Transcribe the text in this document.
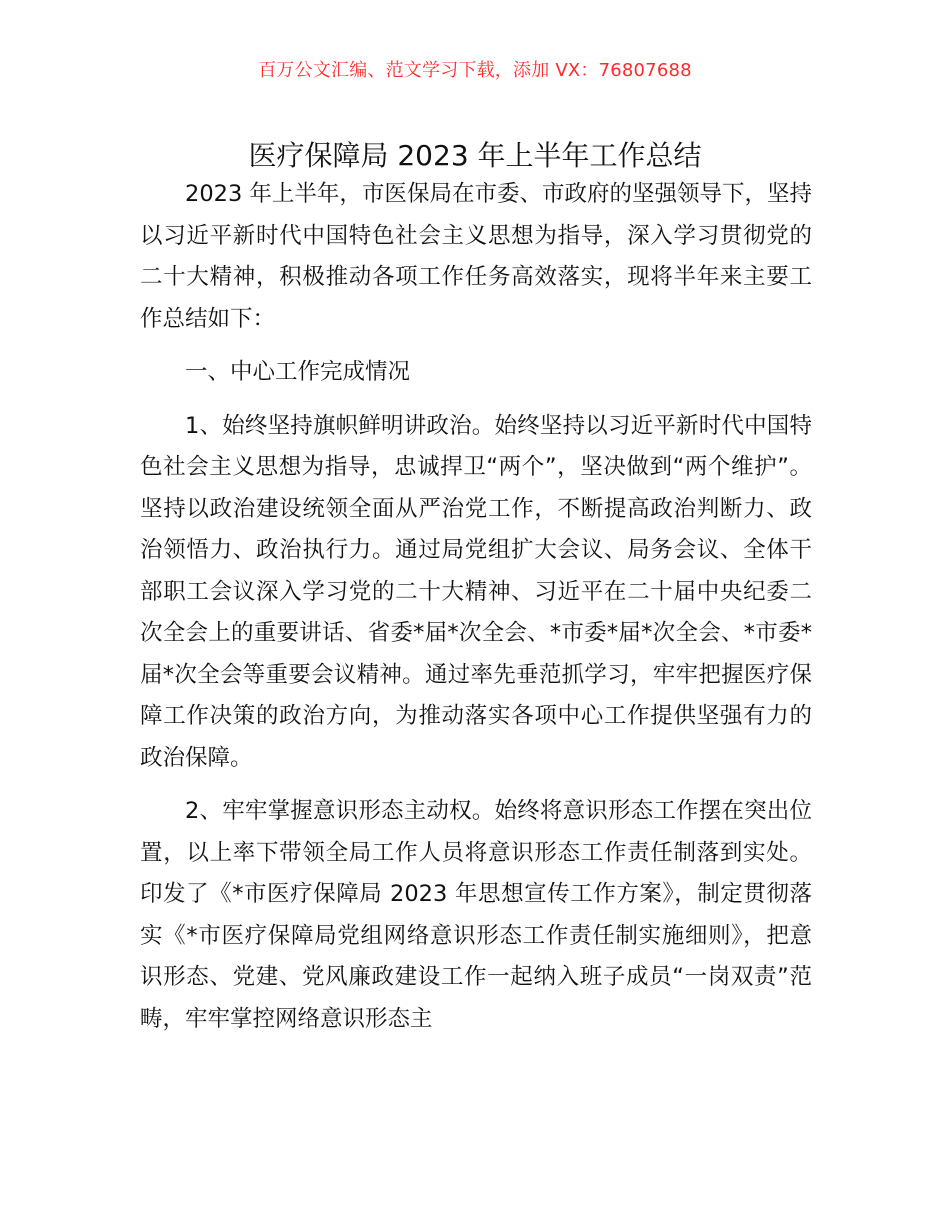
百万公文汇编、范文学习下载，添加 VX：76807688
医疗保障局 2023 年上半年工作总结

2023 年上半年，市医保局在市委、市政府的坚强领导下，坚持以习近平新时代中国特色社会主义思想为指导，深入学习贯彻党的二十大精神，积极推动各项工作任务高效落实，现将半年来主要工作总结如下：

一、中心工作完成情况

1、始终坚持旗帜鲜明讲政治。始终坚持以习近平新时代中国特色社会主义思想为指导，忠诚捍卫“两个”，坚决做到“两个维护”。坚持以政治建设统领全面从严治党工作，不断提高政治判断力、政治领悟力、政治执行力。通过局党组扩大会议、局务会议、全体干部职工会议深入学习党的二十大精神、习近平在二十届中央纪委二次全会上的重要讲话、省委*届*次全会、*市委*届*次全会、*市委*届*次全会等重要会议精神。通过率先垂范抓学习，牢牢把握医疗保障工作决策的政治方向，为推动落实各项中心工作提供坚强有力的政治保障。

2、牢牢掌握意识形态主动权。始终将意识形态工作摆在突出位置，以上率下带领全局工作人员将意识形态工作责任制落到实处。印发了《*市医疗保障局 2023 年思想宣传工作方案》，制定贯彻落实《*市医疗保障局党组网络意识形态工作责任制实施细则》，把意识形态、党建、党风廉政建设工作一起纳入班子成员“一岗双责”范畴，牢牢掌控网络意识形态主
